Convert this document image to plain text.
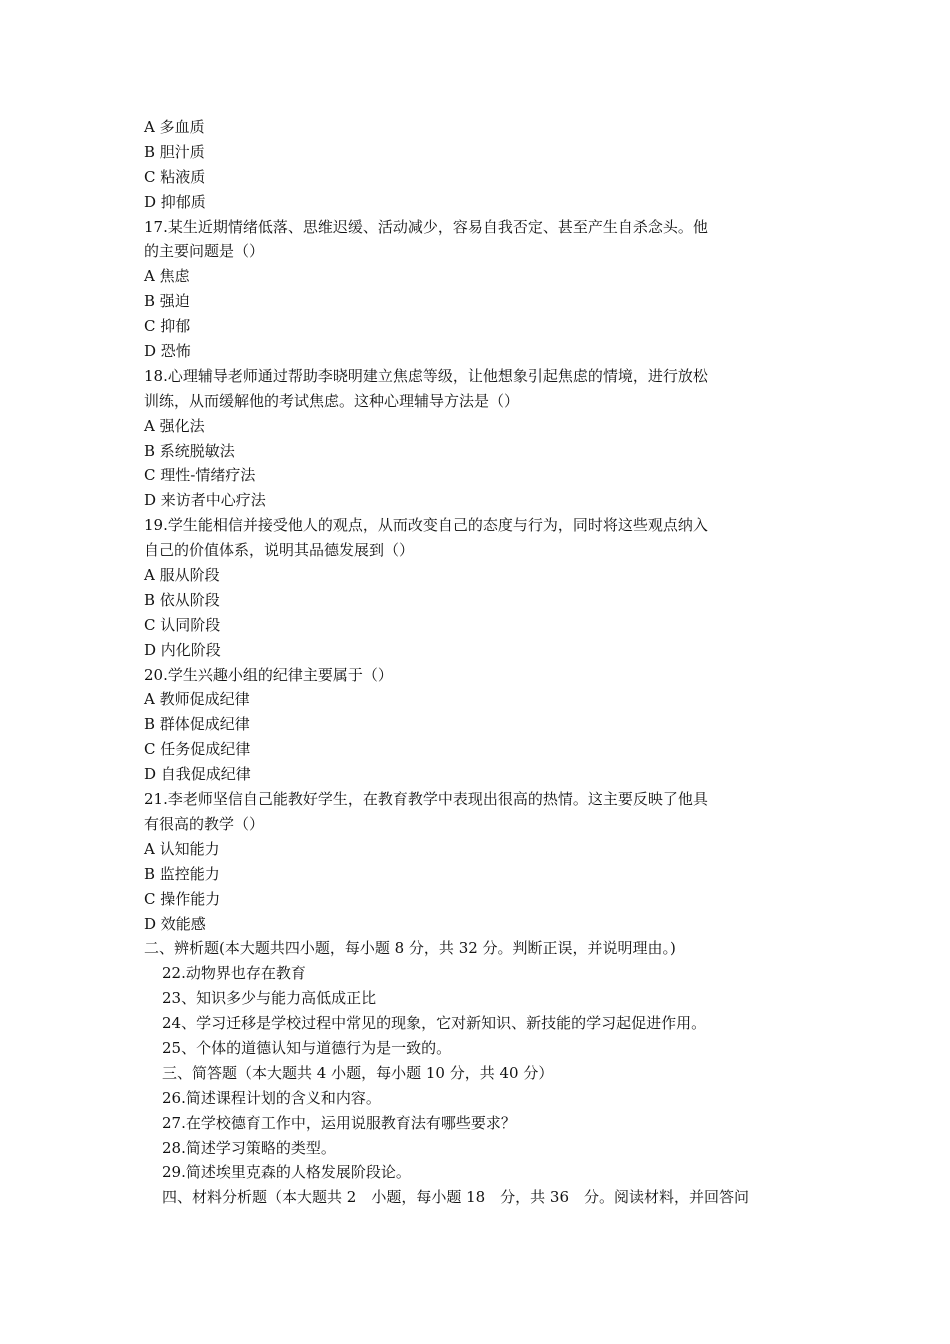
A 多血质
B 胆汁质
C 粘液质
D 抑郁质
17.某生近期情绪低落、思维迟缓、活动减少，容易自我否定、甚至产生自杀念头。他
的主要问题是（）
A 焦虑
B 强迫
C 抑郁
D 恐怖
18.心理辅导老师通过帮助李晓明建立焦虑等级，让他想象引起焦虑的情境，进行放松
训练，从而缓解他的考试焦虑。这种心理辅导方法是（）
A 强化法
B 系统脱敏法
C 理性-情绪疗法
D 来访者中心疗法
19.学生能相信并接受他人的观点，从而改变自己的态度与行为，同时将这些观点纳入
自己的价值体系，说明其品德发展到（）
A 服从阶段
B 依从阶段
C 认同阶段
D 内化阶段
20.学生兴趣小组的纪律主要属于（）
A 教师促成纪律
B 群体促成纪律
C 任务促成纪律
D 自我促成纪律
21.李老师坚信自己能教好学生，在教育教学中表现出很高的热情。这主要反映了他具
有很高的教学（）
A 认知能力
B 监控能力
C 操作能力
D 效能感
二、辨析题(本大题共四小题，每小题 8 分，共 32 分。判断正误，并说明理由。)
22.动物界也存在教育
23、知识多少与能力高低成正比
24、学习迁移是学校过程中常见的现象，它对新知识、新技能的学习起促进作用。
25、个体的道德认知与道德行为是一致的。
三、简答题（本大题共 4 小题，每小题 10 分，共 40 分）
26.简述课程计划的含义和内容。
27.在学校德育工作中，运用说服教育法有哪些要求？
28.简述学习策略的类型。
29.简述埃里克森的人格发展阶段论。
四、材料分析题（本大题共 2　小题，每小题 18　分，共 36　分。阅读材料，并回答问
